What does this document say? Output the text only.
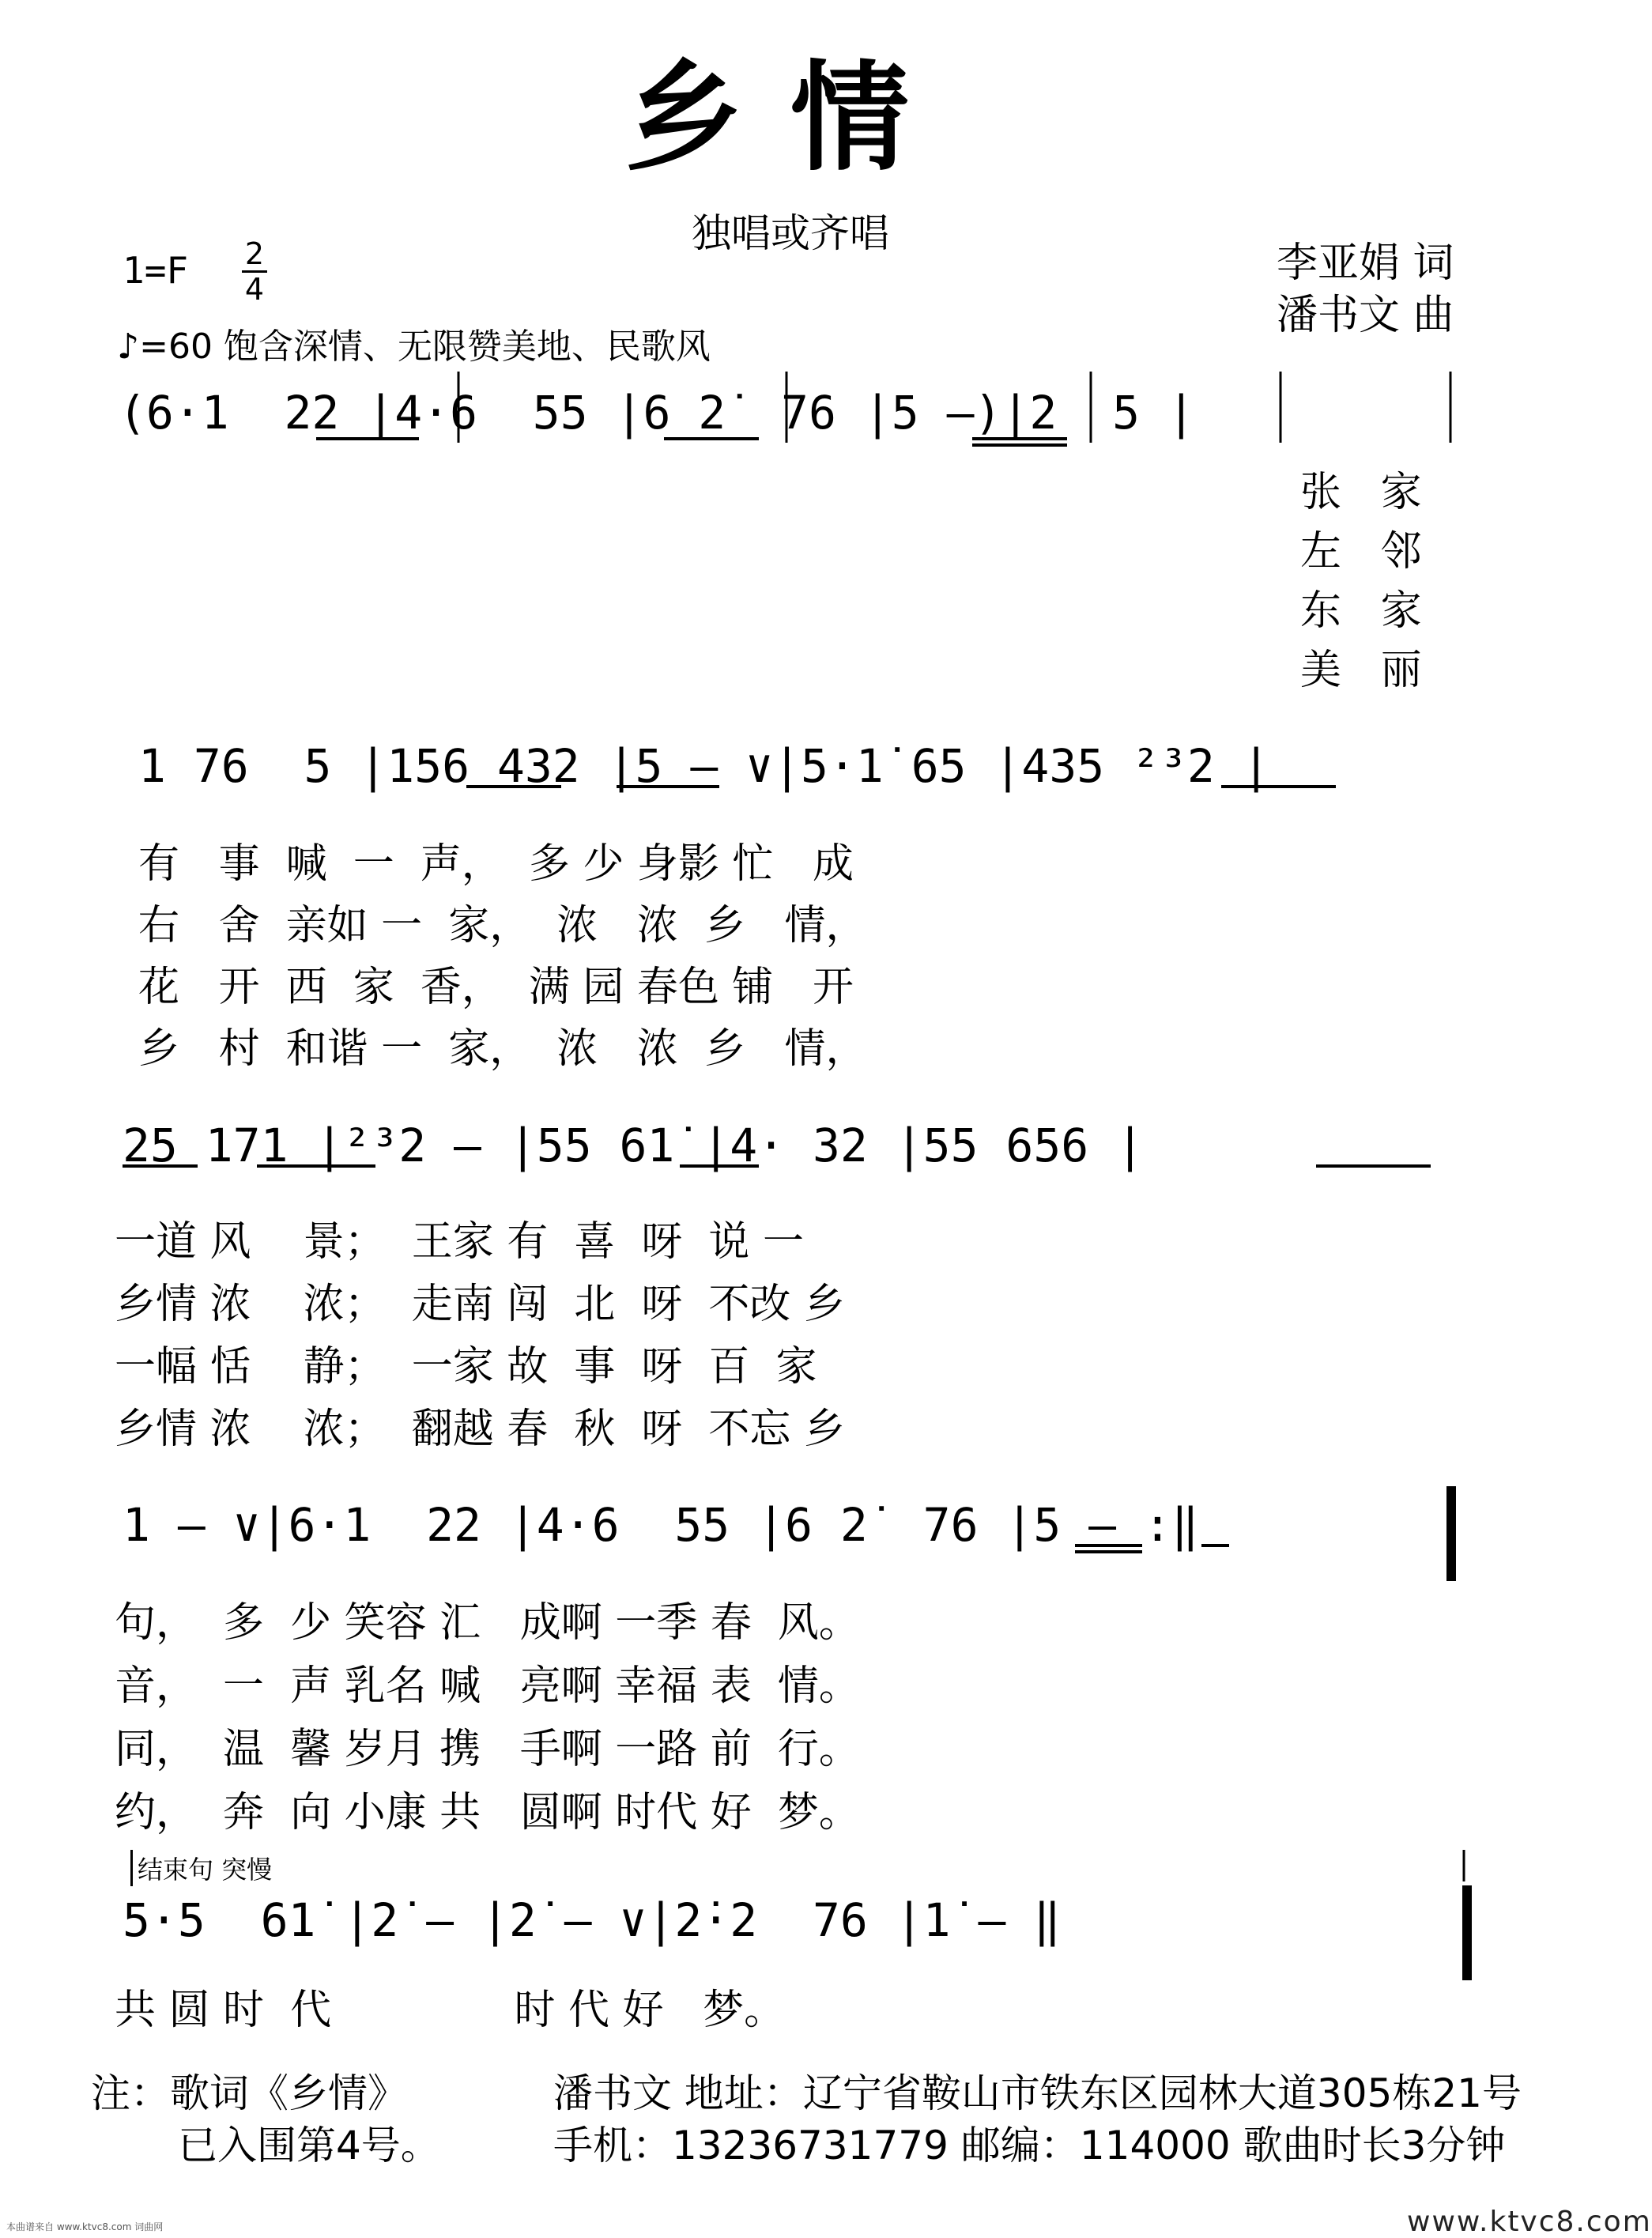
乡情
独唱或齐唱
1=F 2
4
♪=60 饱含深情、无限赞美地、民歌风
李亚娟 词
潘书文 曲
(6·1  22 |4·6  55 |6 2̇  76 |5 —)|2  5 |
张 家
左 邻
东 家
美 丽
1 76  5 |156 432 |5 — ∨|5·1̇ 65 |435 ²³2 |
有   事  喊  一  声，  多 少 身影 忙   成
右   舍  亲如 一  家，  浓   浓  乡   情，
花   开  西  家  香，  满 园 春色 铺   开
乡   村  和谐 一  家，  浓   浓  乡   情，
25 171 |²³2 — |55 61̇ |4· 32 |55 656 |
一道 风    景；  王家 有  喜  呀  说 一
乡情 浓    浓；  走南 闯  北  呀  不改 乡
一幅 恬    静；  一家 故  事  呀  百  家
乡情 浓    浓；  翻越 春  秋  呀  不忘 乡
1 — ∨|6·1  22 |4·6  55 |6 2̇  76 |5 — :‖
句，  多  少 笑容 汇   成啊 一季 春  风。
音，  一  声 乳名 喊   亮啊 幸福 表  情。
同，  温  馨 岁月 携   手啊 一路 前  行。
约，  奔  向 小康 共   圆啊 时代 好  梦。
结束句 突慢
5·5  61̇ |2̇ — |2̇ — ∨|2̇·2  76 |1̇ — ‖
共 圆 时  代              时 代 好   梦。
注：歌词《乡情》
已入围第4号。
潘书文 地址：辽宁省鞍山市铁东区园林大道305栋21号
手机：13236731779 邮编：114000 歌曲时长3分钟
本曲谱来自 www.ktvc8.com 词曲网	www.ktvc8.com
